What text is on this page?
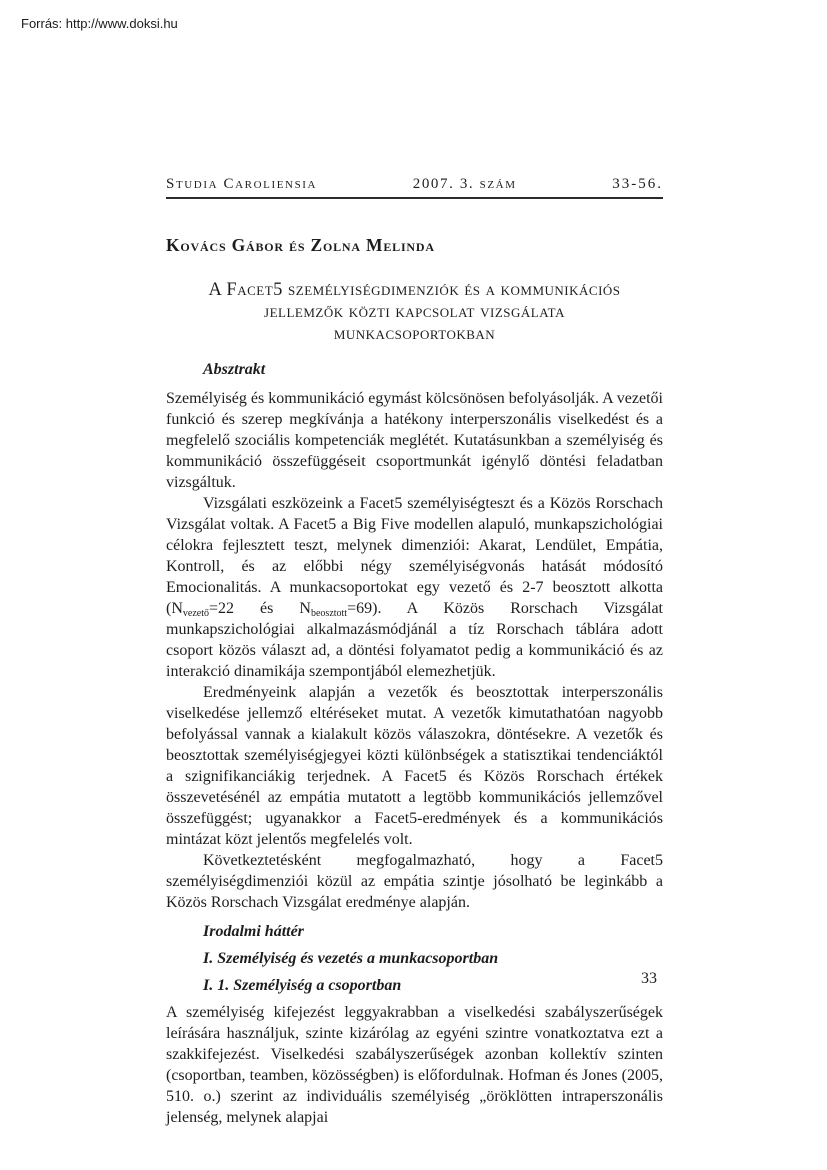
Forrás: http://www.doksi.hu
Studia Caroliensia	2007. 3. szám	33-56.
Kovács Gábor és Zolna Melinda
A Facet5 személyiségdimenziók és a kommunikációs
jellemzők közti kapcsolat vizsgálata
munkacsoportokban
Absztrakt

Személyiség és kommunikáció egymást kölcsönösen befolyásolják. A vezetői funkció és szerep megkívánja a hatékony interperszonális viselkedést és a megfelelő szociális kompetenciák meglétét. Kutatásunkban a személyiség és kommunikáció összefüggéseit csoportmunkát igénylő döntési feladatban vizsgáltuk.

Vizsgálati eszközeink a Facet5 személyiségteszt és a Közös Rorschach Vizsgálat voltak. A Facet5 a Big Five modellen alapuló, munkapszichológiai célokra fejlesztett teszt, melynek dimenziói: Akarat, Lendület, Empátia, Kontroll, és az előbbi négy személyiségvonás hatását módosító Emocionalitás. A munkacsoportokat egy vezető és 2-7 beosztott alkotta ($N_{vezető}=22$ és $N_{beosztott}=69$). A Közös Rorschach Vizsgálat munkapszichológiai alkalmazásmódjánál a tíz Rorschach táblára adott csoport közös választ ad, a döntési folyamatot pedig a kommunikáció és az interakció dinamikája szempontjából elemezhetjük.

Eredményeink alapján a vezetők és beosztottak interperszonális viselkedése jellemző eltéréseket mutat. A vezetők kimutathatóan nagyobb befolyással vannak a kialakult közös válaszokra, döntésekre. A vezetők és beosztottak személyiségjegyei közti különbségek a statisztikai tendenciáktól a szignifikanciákig terjednek. A Facet5 és Közös Rorschach értékek összevetésénél az empátia mutatott a legtöbb kommunikációs jellemzővel összefüggést; ugyanakkor a Facet5-eredmények és a kommunikációs mintázat közt jelentős megfelelés volt.

Következtetésként megfogalmazható, hogy a Facet5 személyiségdimenziói közül az empátia szintje jósolható be leginkább a Közös Rorschach Vizsgálat eredménye alapján.

Irodalmi háttér
I. Személyiség és vezetés a munkacsoportban
I. 1. Személyiség a csoportban

A személyiség kifejezést leggyakrabban a viselkedési szabályszerűségek leírására használjuk, szinte kizárólag az egyéni szintre vonatkoztatva ezt a szakkifejezést. Viselkedési szabályszerűségek azonban kollektív szinten (csoportban, teamben, közösségben) is előfordulnak. Hofman és Jones (2005, 510. o.) szerint az individuális személyiség „öröklötten intraperszonális jelenség, melynek alapjai

33
